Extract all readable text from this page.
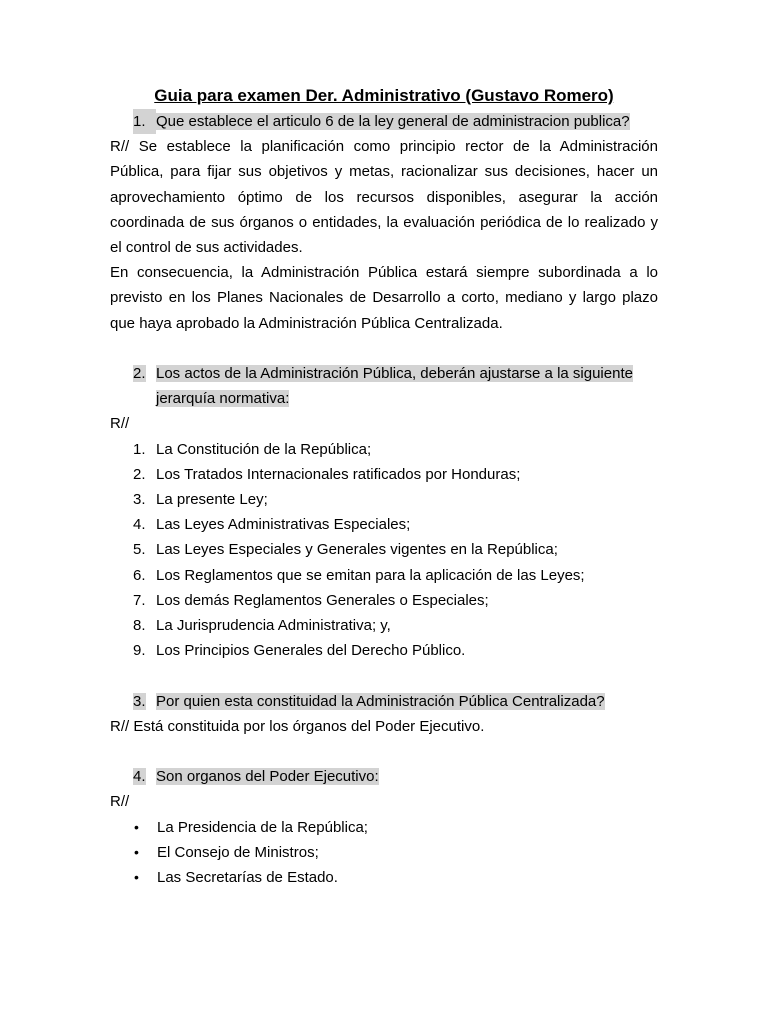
Guia para examen Der. Administrativo (Gustavo Romero)
1. Que establece el articulo 6 de la ley general de administracion publica?

R// Se establece la planificación como principio rector de la Administración Pública, para fijar sus objetivos y metas, racionalizar sus decisiones, hacer un aprovechamiento óptimo de los recursos disponibles, asegurar la acción coordinada de sus órganos o entidades, la evaluación periódica de lo realizado y el control de sus actividades.

En consecuencia, la Administración Pública estará siempre subordinada a lo previsto en los Planes Nacionales de Desarrollo a corto, mediano y largo plazo que haya aprobado la Administración Pública Centralizada.

2. Los actos de la Administración Pública, deberán ajustarse a la siguiente jerarquía normativa:

R//

1. La Constitución de la República;
2. Los Tratados Internacionales ratificados por Honduras;
3. La presente Ley;
4. Las Leyes Administrativas Especiales;
5. Las Leyes Especiales y Generales vigentes en la República;
6. Los Reglamentos que se emitan para la aplicación de las Leyes;
7. Los demás Reglamentos Generales o Especiales;
8. La Jurisprudencia Administrativa; y,
9. Los Principios Generales del Derecho Público.
3. Por quien esta constituidad la Administración Pública Centralizada?

R// Está constituida por los órganos del Poder Ejecutivo.

4. Son organos del Poder Ejecutivo:

R//

•	La Presidencia de la República;
•	El Consejo de Ministros;
•	Las Secretarías de Estado.
